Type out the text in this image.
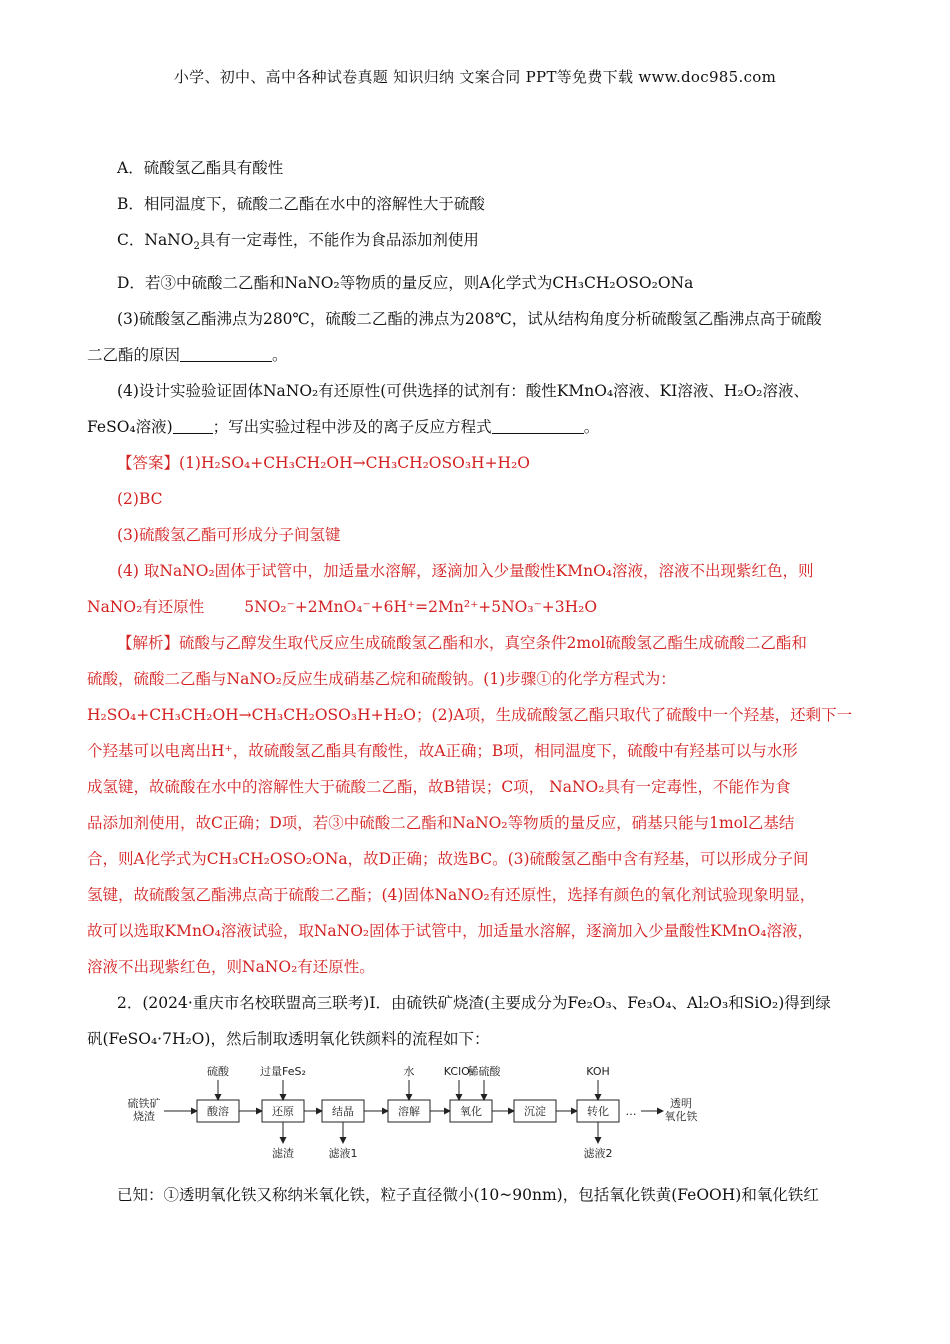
小学、初中、高中各种试卷真题 知识归纳 文案合同 PPT等免费下载 www.doc985.com

A．硫酸氢乙酯具有酸性

B．相同温度下，硫酸二乙酯在水中的溶解性大于硫酸

C．NaNO$_2$具有一定毒性，不能作为食品添加剂使用

D．若③中硫酸二乙酯和NaNO₂等物质的量反应，则A化学式为CH₃CH₂OSO₂ONa

(3)硫酸氢乙酯沸点为280℃，硫酸二乙酯的沸点为208℃，试从结构角度分析硫酸氢乙酯沸点高于硫酸

二乙酯的原因	。

(4)设计实验验证固体NaNO₂有还原性(可供选择的试剂有：酸性KMnO₄溶液、KI溶液、H₂O₂溶液、

FeSO₄溶液)	；写出实验过程中涉及的离子反应方程式	。

【答案】(1)H₂SO₄+CH₃CH₂OH→CH₃CH₂OSO₃H+H₂O

(2)BC

(3)硫酸氢乙酯可形成分子间氢键

(4) 取NaNO₂固体于试管中，加适量水溶解，逐滴加入少量酸性KMnO₄溶液，溶液不出现紫红色，则

NaNO₂有还原性	5NO₂⁻+2MnO₄⁻+6H⁺=2Mn²⁺+5NO₃⁻+3H₂O

【解析】硫酸与乙醇发生取代反应生成硫酸氢乙酯和水，真空条件2mol硫酸氢乙酯生成硫酸二乙酯和

硫酸，硫酸二乙酯与NaNO₂反应生成硝基乙烷和硫酸钠。(1)步骤①的化学方程式为：

H₂SO₄+CH₃CH₂OH→CH₃CH₂OSO₃H+H₂O；(2)A项，生成硫酸氢乙酯只取代了硫酸中一个羟基，还剩下一

个羟基可以电离出H⁺，故硫酸氢乙酯具有酸性，故A正确；B项，相同温度下，硫酸中有羟基可以与水形

成氢键，故硫酸在水中的溶解性大于硫酸二乙酯，故B错误；C项， NaNO₂具有一定毒性，不能作为食

品添加剂使用，故C正确；D项，若③中硫酸二乙酯和NaNO₂等物质的量反应，硝基只能与1mol乙基结

合，则A化学式为CH₃CH₂OSO₂ONa，故D正确；故选BC。(3)硫酸氢乙酯中含有羟基，可以形成分子间

氢键，故硫酸氢乙酯沸点高于硫酸二乙酯；(4)固体NaNO₂有还原性，选择有颜色的氧化剂试验现象明显，

故可以选取KMnO₄溶液试验，取NaNO₂固体于试管中，加适量水溶解，逐滴加入少量酸性KMnO₄溶液，

溶液不出现紫红色，则NaNO₂有还原性。

2．(2024·重庆市名校联盟高三联考)Ⅰ．由硫铁矿烧渣(主要成分为Fe₂O₃、Fe₃O₄、Al₂O₃和SiO₂)得到绿

矾(FeSO₄·7H₂O)，然后制取透明氧化铁颜料的流程如下：

硫铁矿
烧渣	酸溶	还原	结晶	溶解	氧化	沉淀	转化
硫酸	过量FeS₂	水	KClO₃
稀硫酸	KOH
滤渣	滤液1	滤液2
…
透明
氧化铁

已知：①透明氧化铁又称纳米氧化铁，粒子直径微小(10~90nm)，包括氧化铁黄(FeOOH)和氧化铁红
